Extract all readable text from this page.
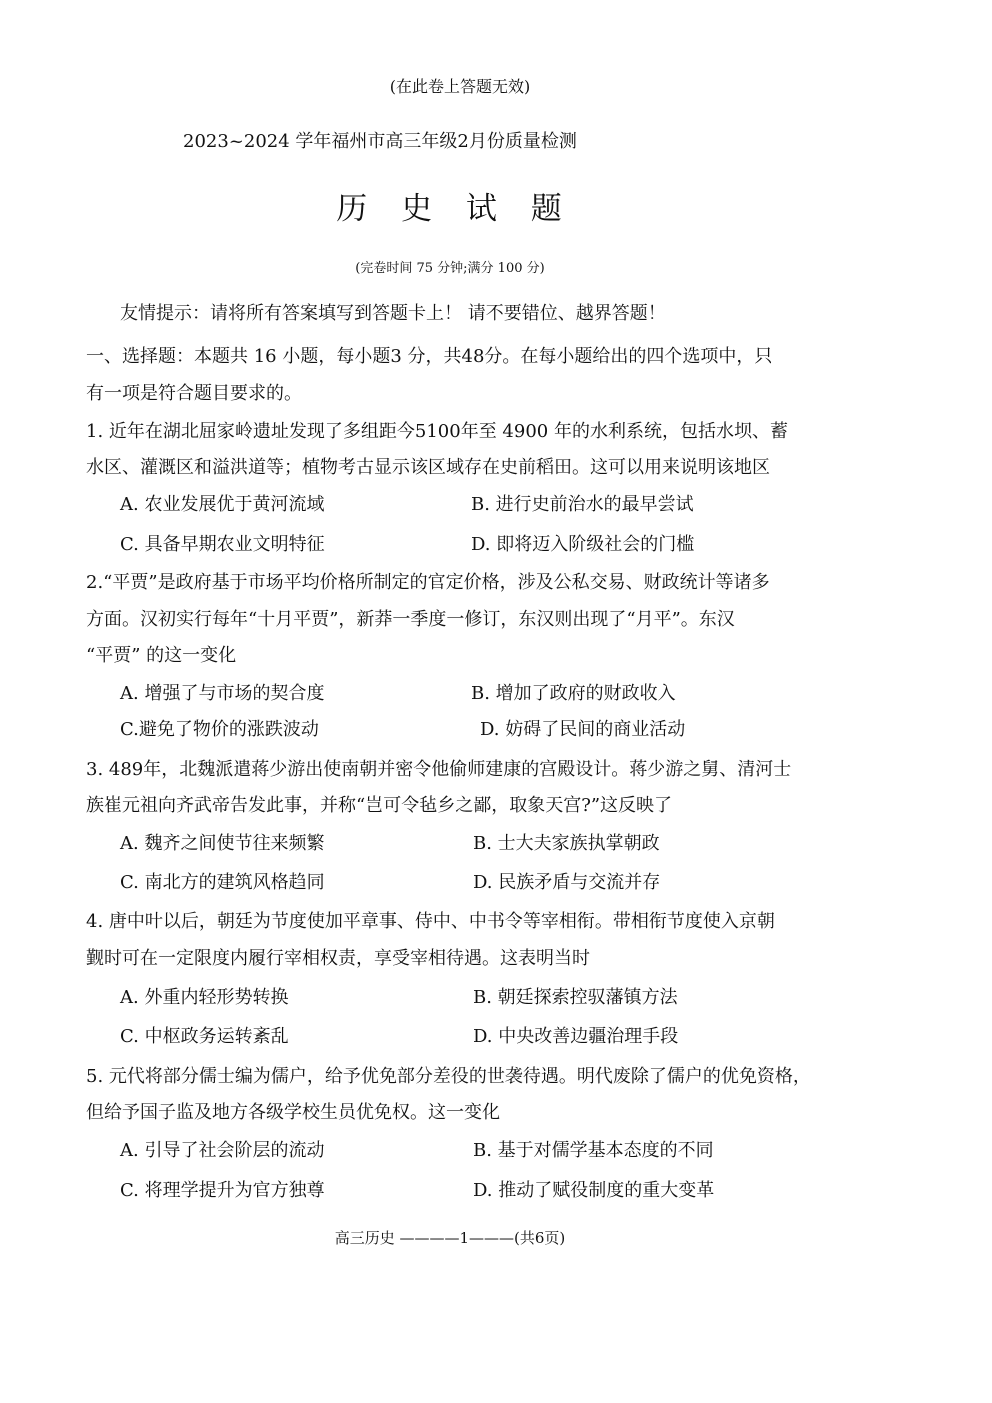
(在此卷上答题无效)
2023~2024 学年福州市高三年级2月份质量检测
历 史 试 题
(完卷时间 75 分钟;满分 100 分)
友情提示：请将所有答案填写到答题卡上！ 请不要错位、越界答题！
一、选择题：本题共 16 小题，每小题3 分，共48分。在每小题给出的四个选项中，只
有一项是符合题目要求的。
1. 近年在湖北屈家岭遗址发现了多组距今5100年至 4900 年的水利系统，包括水坝、蓄
水区、灌溉区和溢洪道等；植物考古显示该区域存在史前稻田。这可以用来说明该地区
A. 农业发展优于黄河流域	B. 进行史前治水的最早尝试
C. 具备早期农业文明特征	D. 即将迈入阶级社会的门槛
2.“平贾”是政府基于市场平均价格所制定的官定价格，涉及公私交易、财政统计等诸多
方面。汉初实行每年“十月平贾”，新莽一季度一修订，东汉则出现了“月平”。东汉
“平贾” 的这一变化
A. 增强了与市场的契合度	B. 增加了政府的财政收入
C.避免了物价的涨跌波动	D. 妨碍了民间的商业活动
3. 489年，北魏派遣蒋少游出使南朝并密令他偷师建康的宫殿设计。蒋少游之舅、清河士
族崔元祖向齐武帝告发此事，并称“岂可令毡乡之鄙，取象天宫?”这反映了
A. 魏齐之间使节往来频繁	B. 士大夫家族执掌朝政
C. 南北方的建筑风格趋同	D. 民族矛盾与交流并存
4. 唐中叶以后，朝廷为节度使加平章事、侍中、中书令等宰相衔。带相衔节度使入京朝
觐时可在一定限度内履行宰相权责，享受宰相待遇。这表明当时
A. 外重内轻形势转换	B. 朝廷探索控驭藩镇方法
C. 中枢政务运转紊乱	D. 中央改善边疆治理手段
5. 元代将部分儒士编为儒户，给予优免部分差役的世袭待遇。明代废除了儒户的优免资格，
但给予国子监及地方各级学校生员优免权。这一变化
A. 引导了社会阶层的流动	B. 基于对儒学基本态度的不同
C. 将理学提升为官方独尊	D. 推动了赋役制度的重大变革
高三历史 ————1———(共6页)
